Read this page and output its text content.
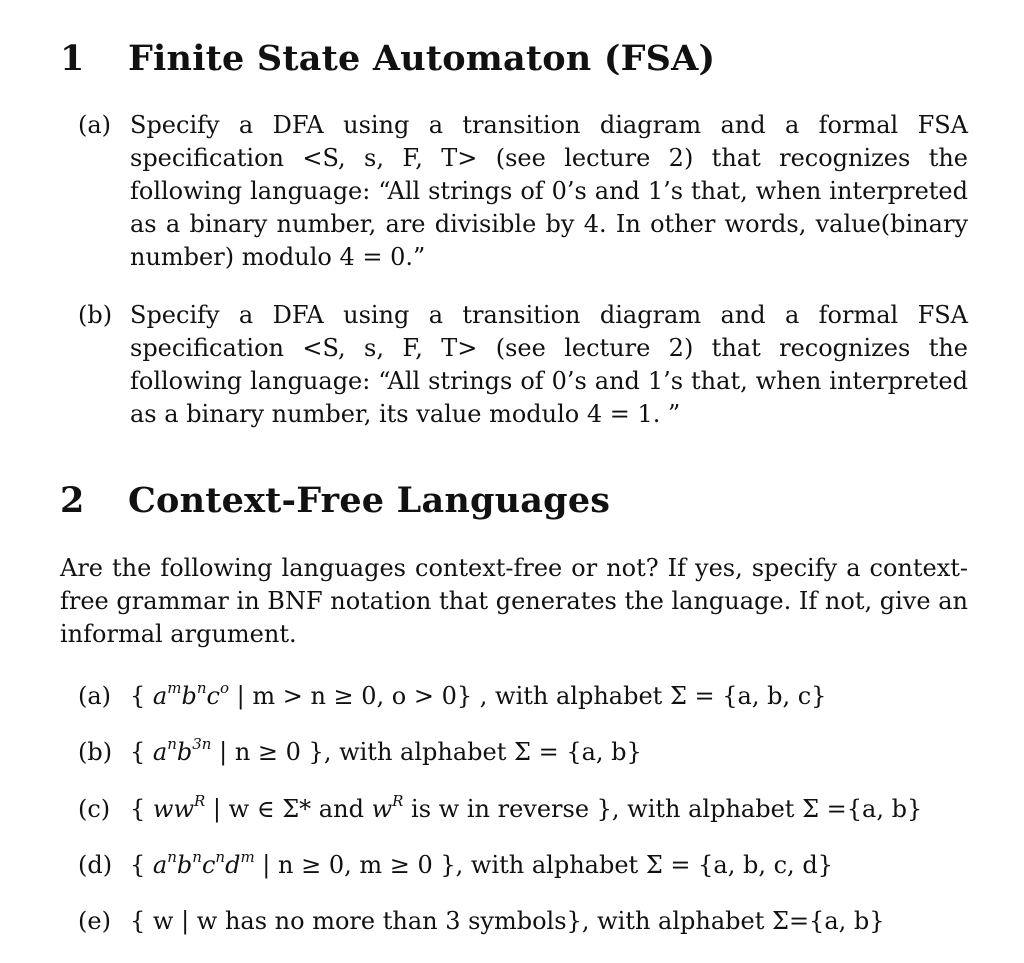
1 Finite State Automaton (FSA)
(a) Specify a DFA using a transition diagram and a formal FSA specification <S, s, F, T> (see lecture 2) that recognizes the following language: “All strings of 0’s and 1’s that, when interpreted as a binary number, are divisible by 4. In other words, value(binary number) modulo 4 = 0.”
(b) Specify a DFA using a transition diagram and a formal FSA specification <S, s, F, T> (see lecture 2) that recognizes the following language: “All strings of 0’s and 1’s that, when interpreted as a binary number, its value modulo 4 = 1. ”
2 Context-Free Languages
Are the following languages context-free or not? If yes, specify a context-free grammar in BNF notation that generates the language. If not, give an informal argument.
(a) { $a^mb^nc^o$ | m > n ≥ 0, o > 0} , with alphabet Σ = {a, b, c}
(b) { $a^nb^{3n}$ | n ≥ 0 }, with alphabet Σ = {a, b}
(c) { $ww^R$ | w ∈ Σ* and $w^R$ is w in reverse }, with alphabet Σ ={a, b}
(d) { $a^nb^nc^nd^m$ | n ≥ 0, m ≥ 0 }, with alphabet Σ = {a, b, c, d}
(e) { w | w has no more than 3 symbols}, with alphabet Σ={a, b}
